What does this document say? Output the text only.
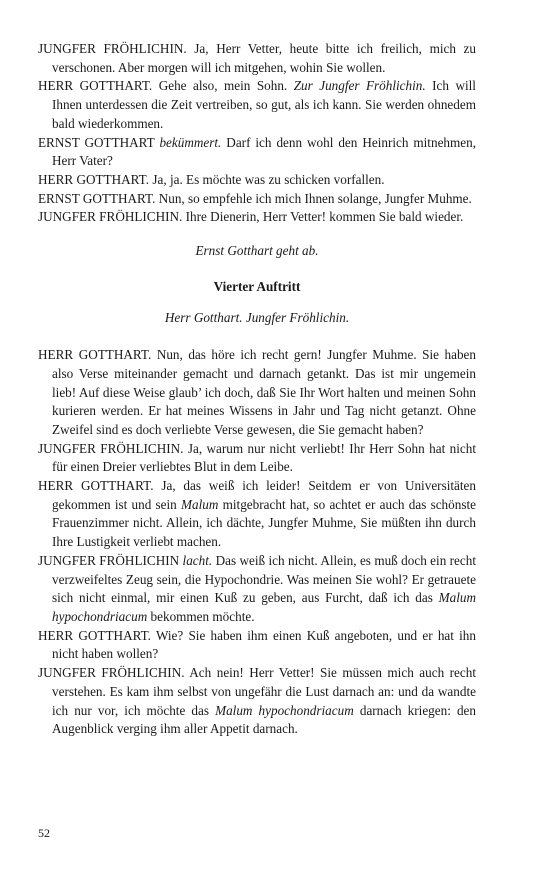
JUNGFER FRÖHLICHIN. Ja, Herr Vetter, heute bitte ich freilich, mich zu verschonen. Aber morgen will ich mitgehen, wohin Sie wollen.

HERR GOTTHART. Gehe also, mein Sohn. Zur Jungfer Fröhlichin. Ich will Ihnen unterdessen die Zeit vertreiben, so gut, als ich kann. Sie werden ohnedem bald wiederkommen.

ERNST GOTTHART bekümmert. Darf ich denn wohl den Heinrich mitnehmen, Herr Vater?

HERR GOTTHART. Ja, ja. Es möchte was zu schicken vorfallen.

ERNST GOTTHART. Nun, so empfehle ich mich Ihnen solange, Jungfer Muhme.

JUNGFER FRÖHLICHIN. Ihre Dienerin, Herr Vetter! kommen Sie bald wieder.

Ernst Gotthart geht ab.

Vierter Auftritt

Herr Gotthart. Jungfer Fröhlichin.

HERR GOTTHART. Nun, das höre ich recht gern! Jungfer Muhme. Sie haben also Verse miteinander gemacht und darnach getankt. Das ist mir ungemein lieb! Auf diese Weise glaub’ ich doch, daß Sie Ihr Wort halten und meinen Sohn kurieren werden. Er hat meines Wissens in Jahr und Tag nicht getanzt. Ohne Zweifel sind es doch verliebte Verse gewesen, die Sie gemacht haben?

JUNGFER FRÖHLICHIN. Ja, warum nur nicht verliebt! Ihr Herr Sohn hat nicht für einen Dreier verliebtes Blut in dem Leibe.

HERR GOTTHART. Ja, das weiß ich leider! Seitdem er von Universitäten gekommen ist und sein Malum mitgebracht hat, so achtet er auch das schönste Frauenzimmer nicht. Allein, ich dächte, Jungfer Muhme, Sie müßten ihn durch Ihre Lustigkeit verliebt machen.

JUNGFER FRÖHLICHIN lacht. Das weiß ich nicht. Allein, es muß doch ein recht verzweifeltes Zeug sein, die Hypochondrie. Was meinen Sie wohl? Er getrauete sich nicht einmal, mir einen Kuß zu geben, aus Furcht, daß ich das Malum hypochondriacum bekommen möchte.

HERR GOTTHART. Wie? Sie haben ihm einen Kuß angeboten, und er hat ihn nicht haben wollen?

JUNGFER FRÖHLICHIN. Ach nein! Herr Vetter! Sie müssen mich auch recht verstehen. Es kam ihm selbst von ungefähr die Lust darnach an: und da wandte ich nur vor, ich möchte das Malum hypochondriacum darnach kriegen: den Augenblick verging ihm aller Appetit darnach.

52
